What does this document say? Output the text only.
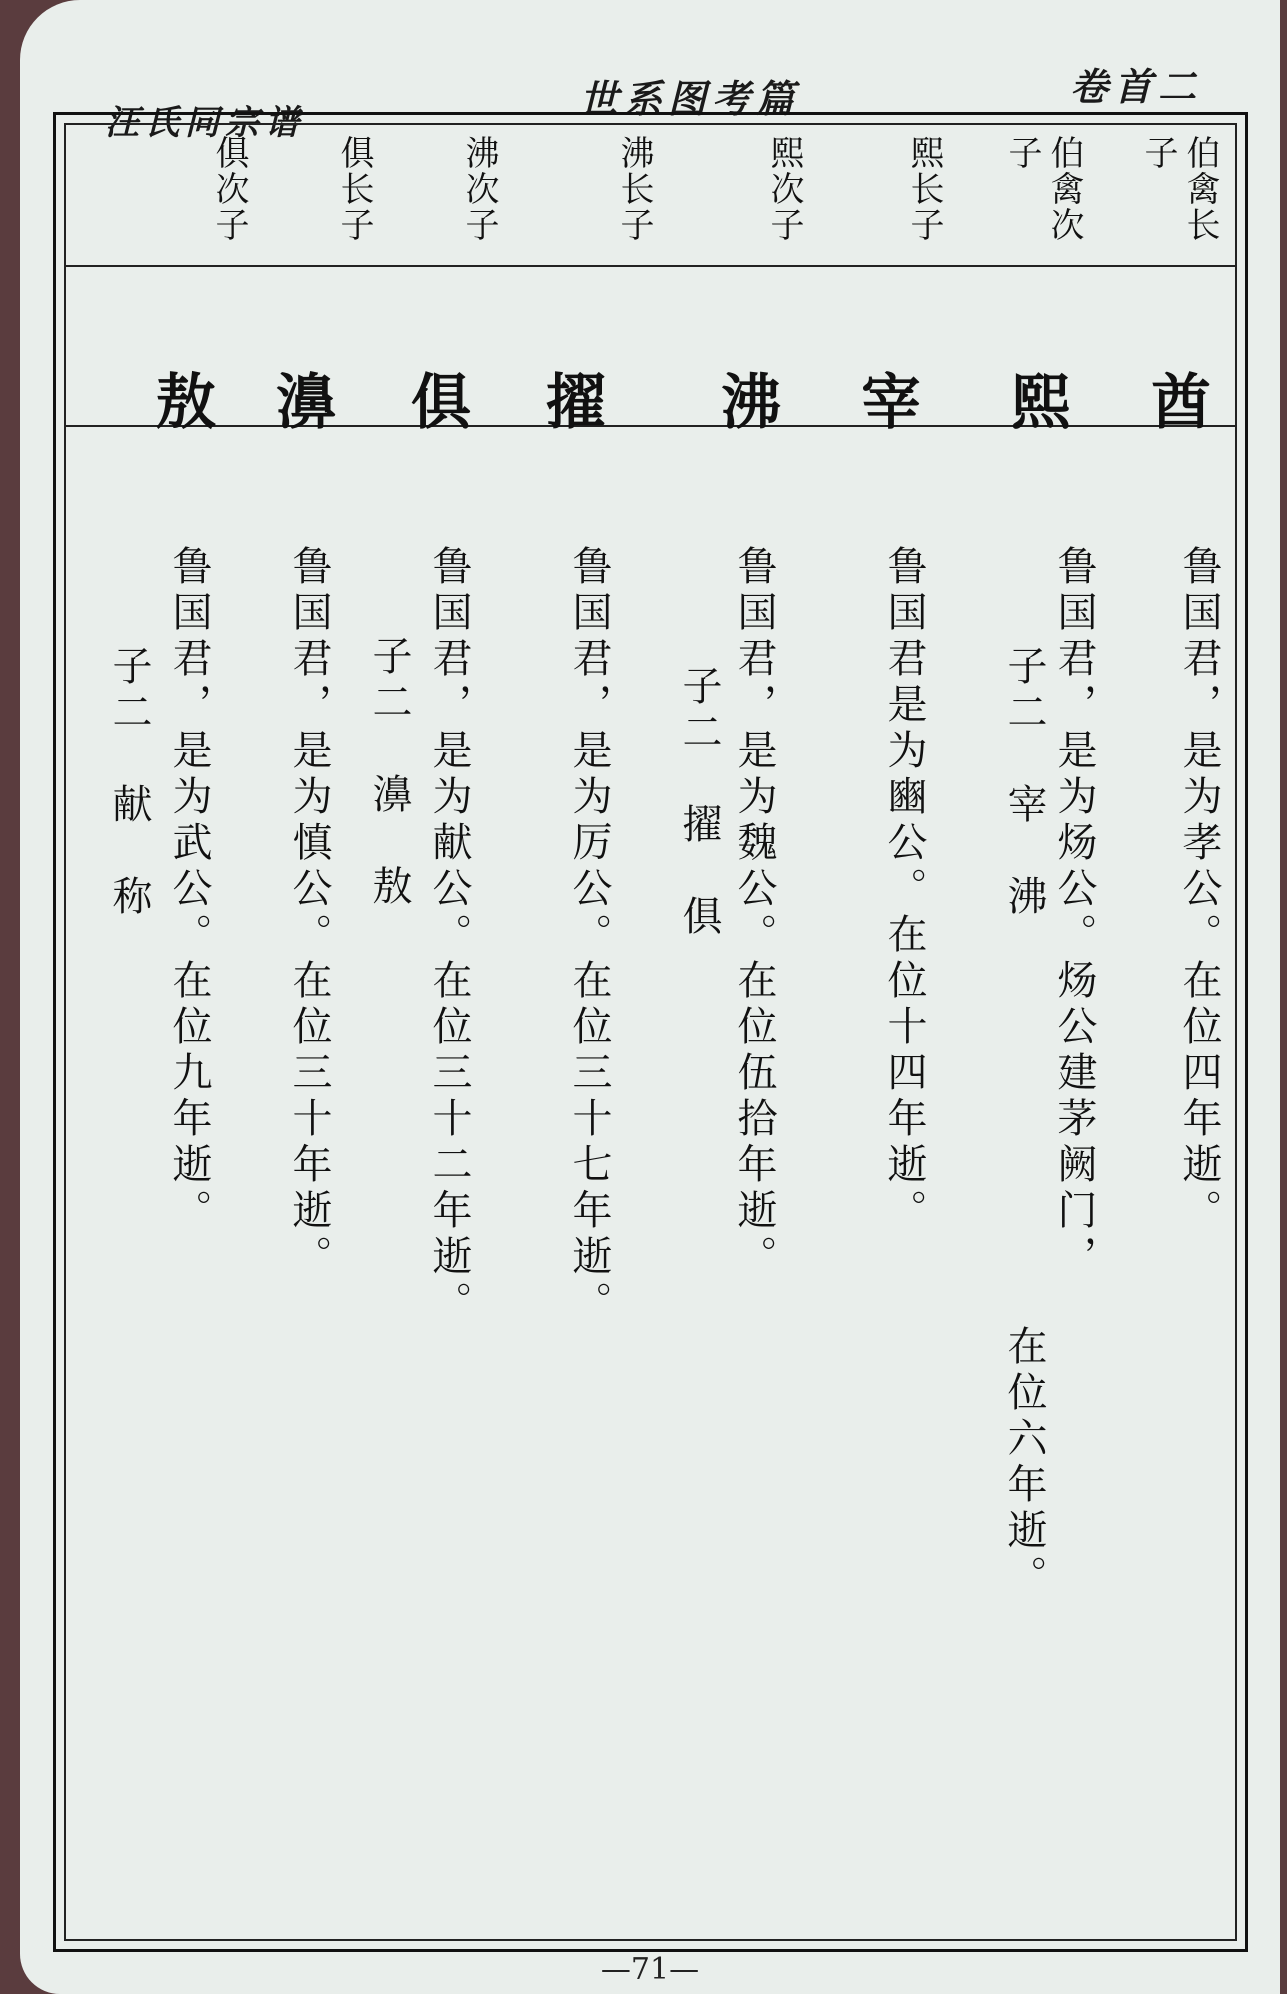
汪氏同宗谱
世系图考篇	卷首二
伯禽长子
伯禽次子
熙长子
熙次子
沸长子
沸次子
俱长子
俱次子
酋
熙
宰
沸
擢
俱
濞
敖
鲁国君，是为孝公。在位四年逝。
鲁国君，是为炀公。炀公建茅阙门，
子二　宰　沸
在位六年逝。
鲁国君是为豳公。在位十四年逝。
鲁国君，是为魏公。在位伍拾年逝。
子二　擢　俱
鲁国君，是为厉公。在位三十七年逝。
鲁国君，是为献公。在位三十二年逝。
子二　濞　敖
鲁国君，是为慎公。在位三十年逝。
鲁国君，是为武公。在位九年逝。
子二　献　称
—71—
